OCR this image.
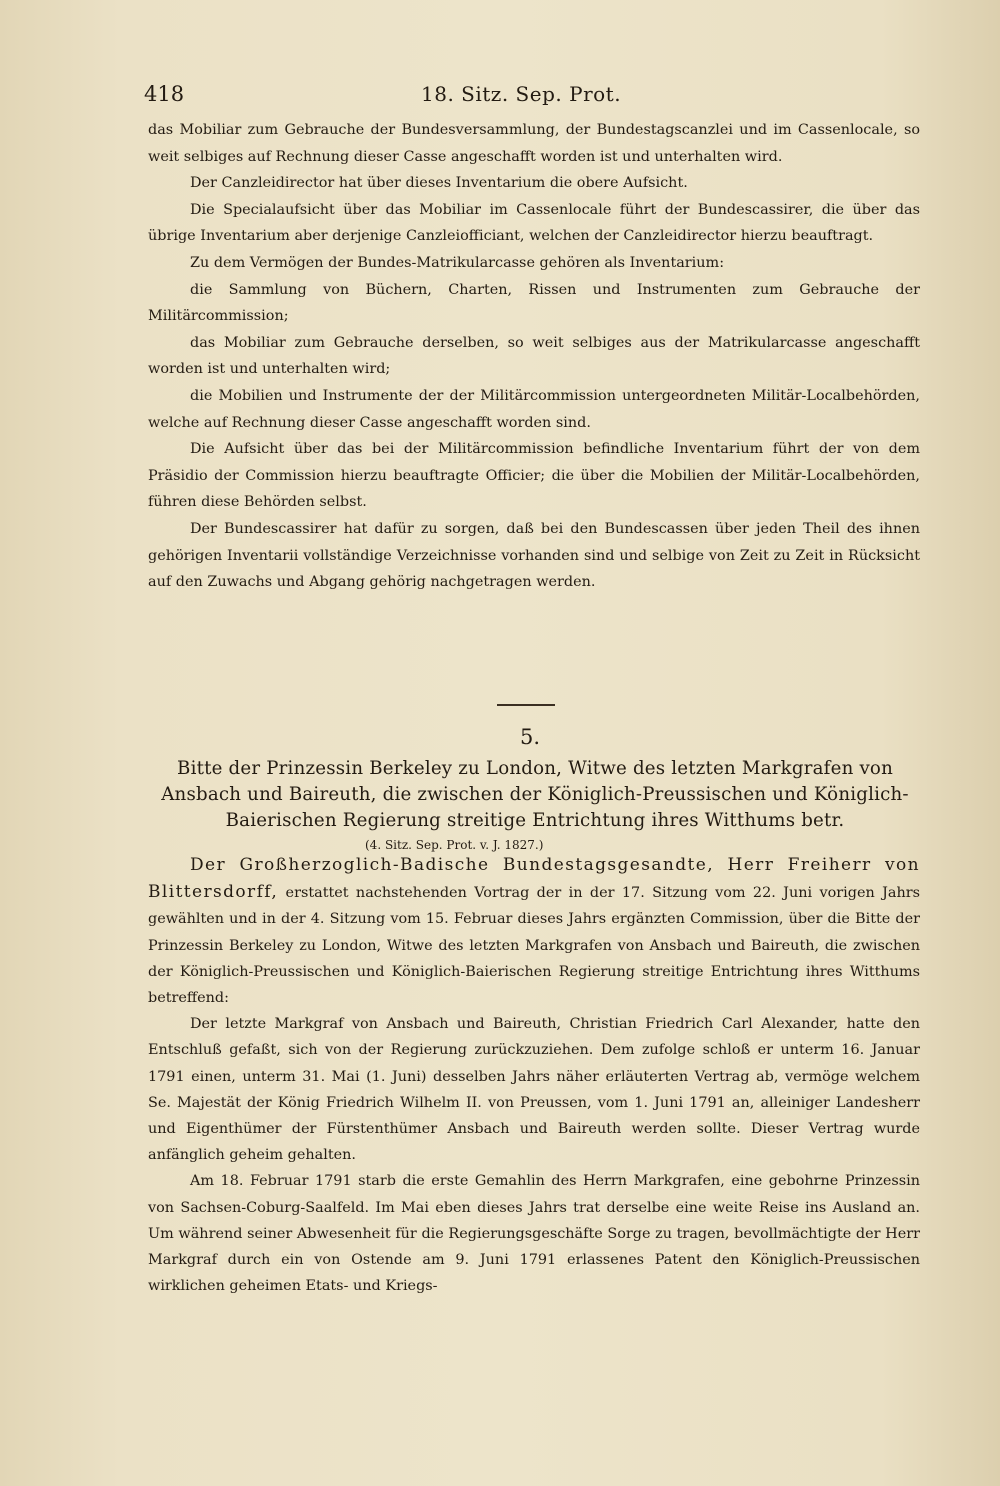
418	18. Sitz. Sep. Prot.

das Mobiliar zum Gebrauche der Bundesversammlung, der Bundestagscanzlei und im Cassenlocale, so weit selbiges auf Rechnung dieser Casse angeschafft worden ist und unterhalten wird.

Der Canzleidirector hat über dieses Inventarium die obere Aufsicht.

Die Specialaufsicht über das Mobiliar im Cassenlocale führt der Bundescassirer, die über das übrige Inventarium aber derjenige Canzleiofficiant, welchen der Canzleidirector hierzu beauftragt.

Zu dem Vermögen der Bundes-Matrikularcasse gehören als Inventarium:

die Sammlung von Büchern, Charten, Rissen und Instrumenten zum Gebrauche der Militärcommission;

das Mobiliar zum Gebrauche derselben, so weit selbiges aus der Matrikularcasse angeschafft worden ist und unterhalten wird;

die Mobilien und Instrumente der der Militärcommission untergeordneten Militär-Localbehörden, welche auf Rechnung dieser Casse angeschafft worden sind.

Die Aufsicht über das bei der Militärcommission befindliche Inventarium führt der von dem Präsidio der Commission hierzu beauftragte Officier; die über die Mobilien der Militär-Localbehörden, führen diese Behörden selbst.

Der Bundescassirer hat dafür zu sorgen, daß bei den Bundescassen über jeden Theil des ihnen gehörigen Inventarii vollständige Verzeichnisse vorhanden sind und selbige von Zeit zu Zeit in Rücksicht auf den Zuwachs und Abgang gehörig nachgetragen werden.

5.

Bitte der Prinzessin Berkeley zu London, Witwe des letzten Markgrafen von Ansbach und Baireuth, die zwischen der Königlich-Preussischen und Königlich-Baierischen Regierung streitige Entrichtung ihres Witthums betr.

(4. Sitz. Sep. Prot. v. J. 1827.)

Der Großherzoglich-Badische Bundestagsgesandte, Herr Freiherr von Blittersdorff, erstattet nachstehenden Vortrag der in der 17. Sitzung vom 22. Juni vorigen Jahrs gewählten und in der 4. Sitzung vom 15. Februar dieses Jahrs ergänzten Commission, über die Bitte der Prinzessin Berkeley zu London, Witwe des letzten Markgrafen von Ansbach und Baireuth, die zwischen der Königlich-Preussischen und Königlich-Baierischen Regierung streitige Entrichtung ihres Witthums betreffend:

Der letzte Markgraf von Ansbach und Baireuth, Christian Friedrich Carl Alexander, hatte den Entschluß gefaßt, sich von der Regierung zurückzuziehen. Dem zufolge schloß er unterm 16. Januar 1791 einen, unterm 31. Mai (1. Juni) desselben Jahrs näher erläuterten Vertrag ab, vermöge welchem Se. Majestät der König Friedrich Wilhelm II. von Preussen, vom 1. Juni 1791 an, alleiniger Landesherr und Eigenthümer der Fürstenthümer Ansbach und Baireuth werden sollte. Dieser Vertrag wurde anfänglich geheim gehalten.

Am 18. Februar 1791 starb die erste Gemahlin des Herrn Markgrafen, eine gebohrne Prinzessin von Sachsen-Coburg-Saalfeld. Im Mai eben dieses Jahrs trat derselbe eine weite Reise ins Ausland an. Um während seiner Abwesenheit für die Regierungsgeschäfte Sorge zu tragen, bevollmächtigte der Herr Markgraf durch ein von Ostende am 9. Juni 1791 erlassenes Patent den Königlich-Preussischen wirklichen geheimen Etats- und Kriegs-
